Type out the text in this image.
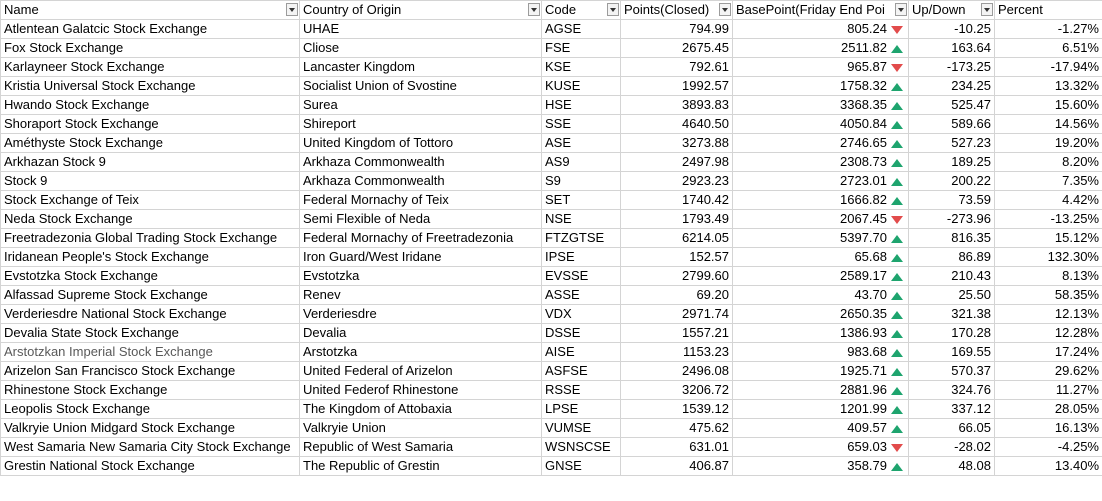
Name	Country of Origin	Code	Points(Closed)	BasePoint(Friday End Poi	Up/Down	Percent
Atlentean Galatcic Stock Exchange	UHAE	AGSE	794.99	805.24	-10.25	-1.27%
Fox Stock Exchange	Cliose	FSE	2675.45	2511.82	163.64	6.51%
Karlayneer Stock Exchange	Lancaster Kingdom	KSE	792.61	965.87	-173.25	-17.94%
Kristia Universal Stock Exchange	Socialist Union of Svostine	KUSE	1992.57	1758.32	234.25	13.32%
Hwando Stock Exchange	Surea	HSE	3893.83	3368.35	525.47	15.60%
Shoraport Stock Exchange	Shireport	SSE	4640.50	4050.84	589.66	14.56%
Améthyste Stock Exchange	United Kingdom of Tottoro	ASE	3273.88	2746.65	527.23	19.20%
Arkhazan Stock 9	Arkhaza Commonwealth	AS9	2497.98	2308.73	189.25	8.20%
Stock 9	Arkhaza Commonwealth	S9	2923.23	2723.01	200.22	7.35%
Stock Exchange of Teix	Federal Mornachy of Teix	SET	1740.42	1666.82	73.59	4.42%
Neda Stock Exchange	Semi Flexible of Neda	NSE	1793.49	2067.45	-273.96	-13.25%
Freetradezonia Global Trading Stock Exchange	Federal Mornachy of Freetradezonia	FTZGTSE	6214.05	5397.70	816.35	15.12%
Iridanean People's Stock Exchange	Iron Guard/West Iridane	IPSE	152.57	65.68	86.89	132.30%
Evstotzka Stock Exchange	Evstotzka	EVSSE	2799.60	2589.17	210.43	8.13%
Alfassad Supreme Stock Exchange	Renev	ASSE	69.20	43.70	25.50	58.35%
Verderiesdre National Stock Exchange	Verderiesdre	VDX	2971.74	2650.35	321.38	12.13%
Devalia State Stock Exchange	Devalia	DSSE	1557.21	1386.93	170.28	12.28%
Arstotzkan Imperial Stock Exchange	Arstotzka	AISE	1153.23	983.68	169.55	17.24%
Arizelon San Francisco Stock Exchange	United Federal of Arizelon	ASFSE	2496.08	1925.71	570.37	29.62%
Rhinestone Stock Exchange	United Federof Rhinestone	RSSE	3206.72	2881.96	324.76	11.27%
Leopolis Stock Exchange	The Kingdom of Attobaxia	LPSE	1539.12	1201.99	337.12	28.05%
Valkryie Union Midgard Stock Exchange	Valkryie Union	VUMSE	475.62	409.57	66.05	16.13%
West Samaria New Samaria City Stock Exchange	Republic of West Samaria	WSNSCSE	631.01	659.03	-28.02	-4.25%
Grestin National Stock Exchange	The Republic of Grestin	GNSE	406.87	358.79	48.08	13.40%
